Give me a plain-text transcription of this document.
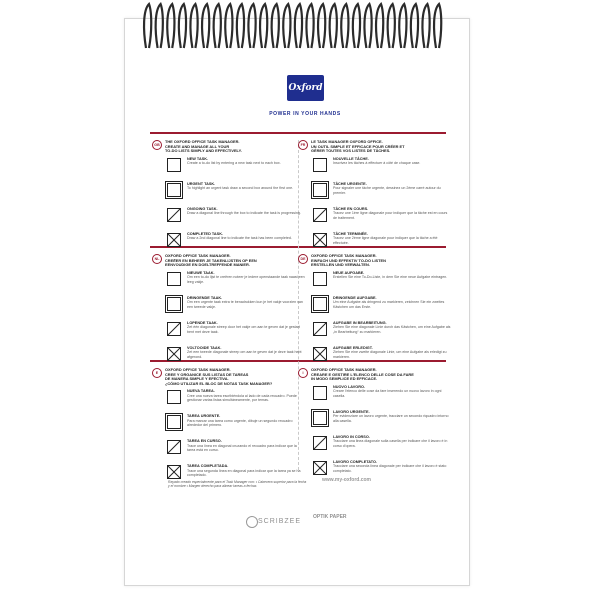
Oxford
POWER IN YOUR HANDS
GB
THE OXFORD OFFICE TASK MANAGER.
CREATE AND MANAGE ALL YOUR
TO-DO LISTS SIMPLY AND EFFECTIVELY.
NEW TASK.
Create a to-do list by entering a new task next to each box.
URGENT TASK.
To highlight an urgent task draw a second box around the first one.
ONGOING TASK.
Draw a diagonal line through the box to indicate the task is progressing.
COMPLETED TASK.
Draw a 2nd diagonal line to indicate the task has been completed.
FR
LE TASK MANAGER OXFORD OFFICE.
UN OUTIL SIMPLE ET EFFICACE POUR CRÉER ET
GÉRER TOUTES VOS LISTES DE TÂCHES.
NOUVELLE TÂCHE.
Inscrivez les tâches à effectuer à côté de chaque case.
TÂCHE URGENTE.
Pour signaler une tâche urgente, dessinez un 2ème carré autour du premier.
TÂCHE EN COURS.
Tracez une 1ère ligne diagonale pour indiquer que la tâche est en cours de traitement.
TÂCHE TERMINÉE.
Tracez une 2ème ligne diagonale pour indiquer que la tâche a été effectuée.
NL
OXFORD OFFICE TASK MANAGER.
CREËER EN BEHEER JE TAKENLIJSTEN OP EEN
EENVOUDIGE EN DOELTREFFENDE MANIER.
NIEUWE TAAK.
Om een to-do lijst te creëren noteer je iedere openstaande taak naast een leeg vakje.
DRINGENDE TAAK.
Om een urgente taak extra te benadrukken kun je het vakje voorzien van een tweede vakje.
LOPENDE TAAK.
Zet één diagonale streep door het vakje om aan te geven dat je gestart bent met deze taak.
VOLTOOIDE TAAK.
Zet een tweede diagonale streep om aan te geven dat je deze taak hebt afgerond.
DE
OXFORD OFFICE TASK MANAGER.
EINFACH UND EFFEKTIV TO-DO LISTEN
ERSTELLEN UND VERWALTEN.
NEUE AUFGABE.
Erstellen Sie eine To-Do-Liste, in dem Sie eine neue Aufgabe eintragen.
DRINGENDE AUFGABE.
Um eine Aufgabe als dringend zu markieren, zeichnen Sie ein zweites Kästchen um das Erste.
AUFGABE IN BEARBEITUNG.
Ziehen Sie eine diagonale Linie durch das Kästchen, um eine Aufgabe als „in Bearbeitung“ zu markieren.
AUFGABE ERLEDIGT.
Ziehen Sie eine zweite diagonale Linie, um eine Aufgabe als erledigt zu markieren.
E
OXFORD OFFICE TASK MANAGER.
CREE Y ORGANICE SUS LISTAS DE TAREAS
DE MANERA SIMPLE Y EFECTIVA.
¿CÓMO UTILIZAR EL BLOC DE NOTAS TASK MANAGER?
NUEVA TAREA.
Cree una nueva tarea escribiéndola al lado de cada recuadro. Puede gestionar varias listas simultáneamente, por temas.
TAREA URGENTE.
Para marcar una tarea como urgente, dibuje un segundo recuadro alrededor del primero.
TAREA EN CURSO.
Trace una línea en diagonal cruzando el recuadro para indicar que la tarea está en curso.
TAREA COMPLETADA.
Trace una segunda línea en diagonal para indicar que la tarea ya se ha completado.
I
OXFORD OFFICE TASK MANAGER.
CREARE E GESTIRE L'ELENCO DELLE COSE DA FARE
IN MODO SEMPLICE ED EFFICACE.
NUOVO LAVORO.
Creare l'elenco delle cose da fare inserendo un nuovo lavoro in ogni casella.
LAVORO URGENTE.
Per evidenziare un lavoro urgente, tracciare un secondo riquadro intorno alla casella.
LAVORO IN CORSO.
Tracciare una linea diagonale sulla casella per indicare che il lavoro è in corso d'opera.
LAVORO COMPLETATO.
Tracciare una seconda linea diagonale per indicare che il lavoro è stato completato.
Rayado creado especialmente para el Task Manager con: • Cabecera superior para la fecha y el nombre • Margen derecho para alinear tareas a fechas
www.my-oxford.com
SCRIBZEE
OPTIK PAPER
